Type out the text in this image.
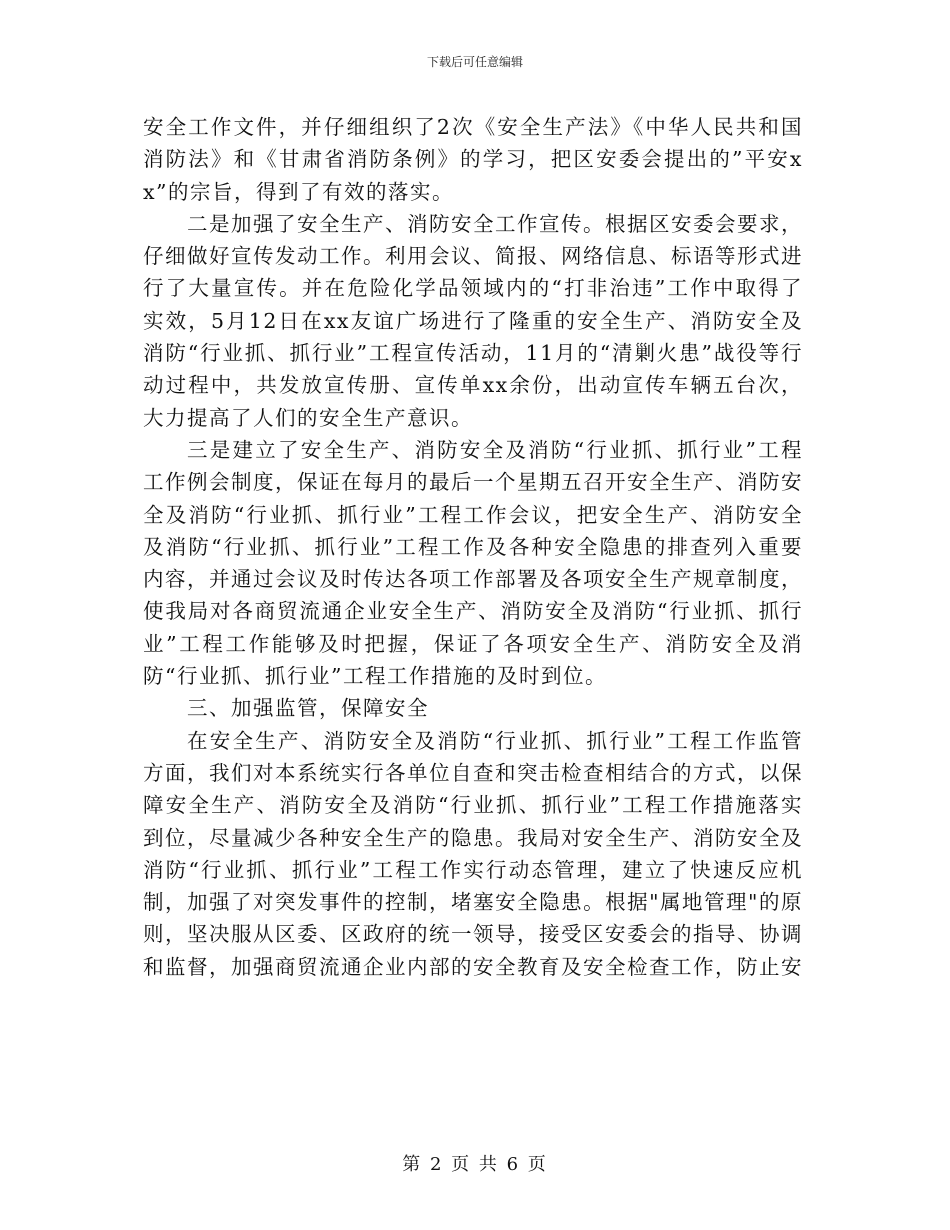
下载后可任意编辑

安全工作文件，并仔细组织了2次《安全生产法》《中华人民共和国消防法》和《甘肃省消防条例》的学习，把区安委会提出的”平安xx”的宗旨，得到了有效的落实。

二是加强了安全生产、消防安全工作宣传。根据区安委会要求，仔细做好宣传发动工作。利用会议、简报、网络信息、标语等形式进行了大量宣传。并在危险化学品领域内的“打非治违”工作中取得了实效，5月12日在xx友谊广场进行了隆重的安全生产、消防安全及消防“行业抓、抓行业”工程宣传活动，11月的“清剿火患”战役等行动过程中，共发放宣传册、宣传单xx余份，出动宣传车辆五台次，大力提高了人们的安全生产意识。

三是建立了安全生产、消防安全及消防“行业抓、抓行业”工程工作例会制度，保证在每月的最后一个星期五召开安全生产、消防安全及消防“行业抓、抓行业”工程工作会议，把安全生产、消防安全及消防“行业抓、抓行业”工程工作及各种安全隐患的排查列入重要内容，并通过会议及时传达各项工作部署及各项安全生产规章制度，使我局对各商贸流通企业安全生产、消防安全及消防“行业抓、抓行业”工程工作能够及时把握，保证了各项安全生产、消防安全及消防“行业抓、抓行业”工程工作措施的及时到位。

三、加强监管，保障安全

在安全生产、消防安全及消防“行业抓、抓行业”工程工作监管方面，我们对本系统实行各单位自查和突击检查相结合的方式，以保障安全生产、消防安全及消防“行业抓、抓行业”工程工作措施落实到位，尽量减少各种安全生产的隐患。我局对安全生产、消防安全及消防“行业抓、抓行业”工程工作实行动态管理，建立了快速反应机制，加强了对突发事件的控制，堵塞安全隐患。根据"属地管理"的原则，坚决服从区委、区政府的统一领导，接受区安委会的指导、协调和监督，加强商贸流通企业内部的安全教育及安全检查工作，防止安

第 2 页 共 6 页
